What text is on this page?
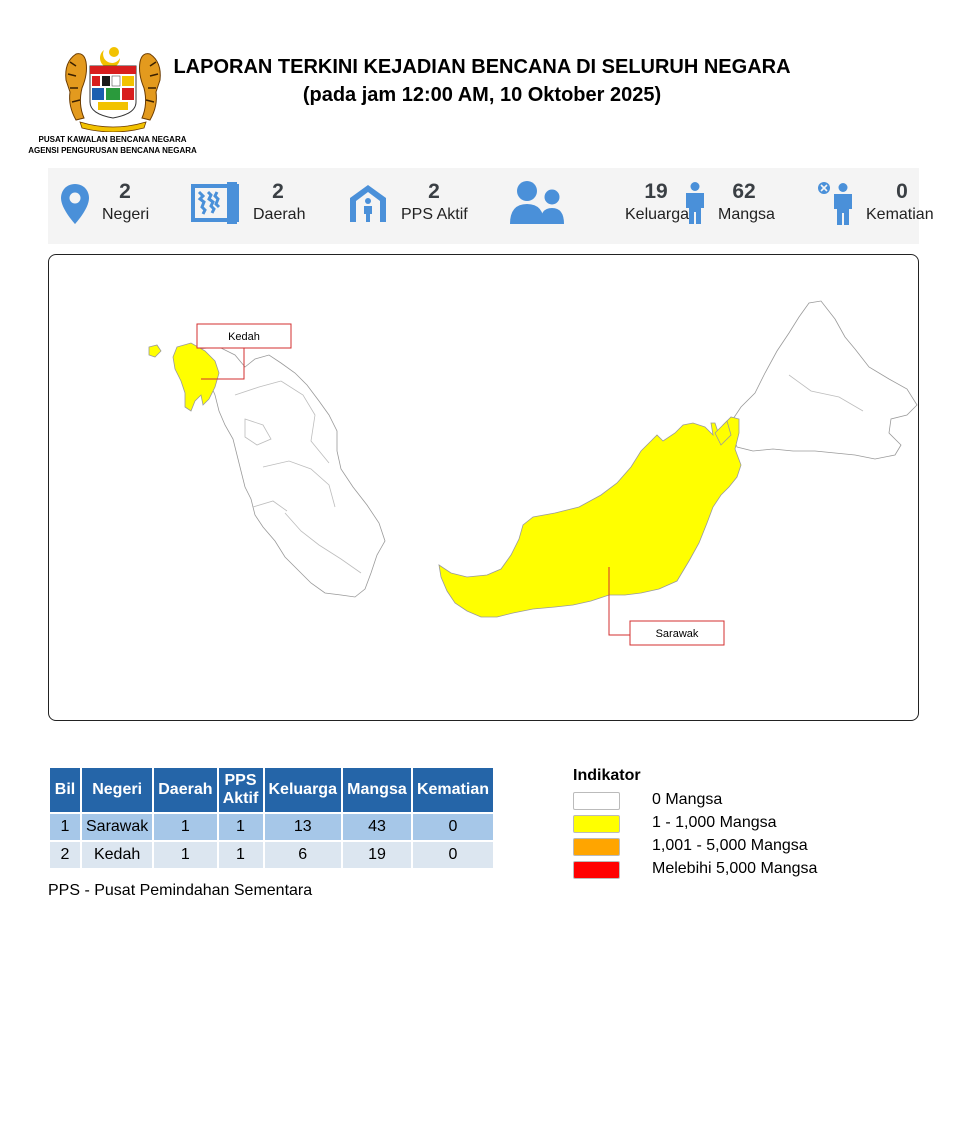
PUSAT KAWALAN BENCANA NEGARA
AGENSI PENGURUSAN BENCANA NEGARA
LAPORAN TERKINI KEJADIAN BENCANA DI SELURUH NEGARA
(pada jam 12:00 AM, 10 Oktober 2025)
2
Negeri
2
Daerah
2
PPS Aktif
19
Keluarga
62
Mangsa
0
Kematian
Kedah
Sarawak
Bil	Negeri	Daerah	PPS
Aktif	Keluarga	Mangsa	Kematian
1	Sarawak	1	1	13	43	0
2	Kedah	1	1	6	19	0
PPS - Pusat Pemindahan Sementara
Indikator
0 Mangsa
1 - 1,000 Mangsa
1,001 - 5,000 Mangsa
Melebihi 5,000 Mangsa
